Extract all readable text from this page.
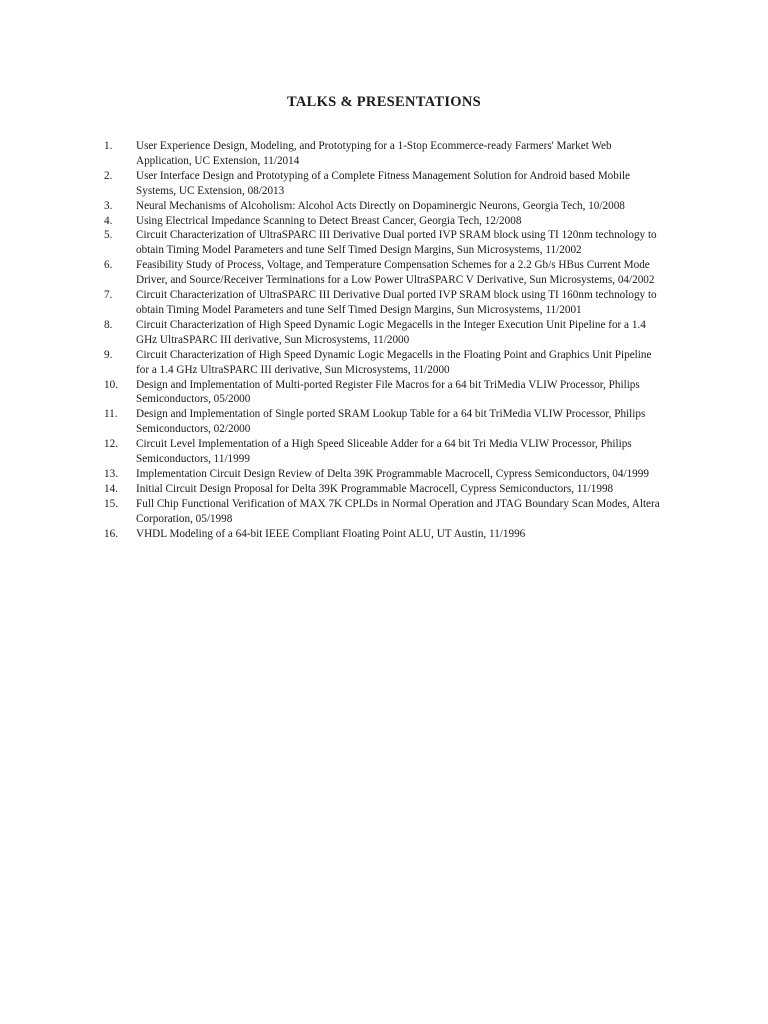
TALKS & PRESENTATIONS
1.	User Experience Design, Modeling, and Prototyping for a 1-Stop Ecommerce-ready Farmers' Market Web Application, UC Extension, 11/2014
2.	User Interface Design and Prototyping of a Complete Fitness Management Solution for Android based Mobile Systems, UC Extension, 08/2013
3.	Neural Mechanisms of Alcoholism: Alcohol Acts Directly on Dopaminergic Neurons, Georgia Tech, 10/2008
4.	Using Electrical Impedance Scanning to Detect Breast Cancer, Georgia Tech, 12/2008
5.	Circuit Characterization of UltraSPARC III Derivative Dual ported IVP SRAM block using TI 120nm technology to obtain Timing Model Parameters and tune Self Timed Design Margins, Sun Microsystems, 11/2002
6.	Feasibility Study of Process, Voltage, and Temperature Compensation Schemes for a 2.2 Gb/s HBus Current Mode Driver, and Source/Receiver Terminations for a Low Power UltraSPARC V Derivative, Sun Microsystems, 04/2002
7.	Circuit Characterization of UltraSPARC III Derivative Dual ported IVP SRAM block using TI 160nm technology to obtain Timing Model Parameters and tune Self Timed Design Margins, Sun Microsystems, 11/2001
8.	Circuit Characterization of High Speed Dynamic Logic Megacells in the Integer Execution Unit Pipeline for a 1.4 GHz UltraSPARC III derivative, Sun Microsystems, 11/2000
9.	Circuit Characterization of High Speed Dynamic Logic Megacells in the Floating Point and Graphics Unit Pipeline for a 1.4 GHz UltraSPARC III derivative, Sun Microsystems, 11/2000
10.	Design and Implementation of Multi-ported Register File Macros for a 64 bit TriMedia VLIW Processor, Philips Semiconductors, 05/2000
11.	Design and Implementation of Single ported SRAM Lookup Table for a 64 bit TriMedia VLIW Processor, Philips Semiconductors, 02/2000
12.	Circuit Level Implementation of a High Speed Sliceable Adder for a 64 bit Tri Media VLIW Processor, Philips Semiconductors, 11/1999
13.	Implementation Circuit Design Review of Delta 39K Programmable Macrocell, Cypress Semiconductors, 04/1999
14.	Initial Circuit Design Proposal for Delta 39K Programmable Macrocell, Cypress Semiconductors, 11/1998
15.	Full Chip Functional Verification of MAX 7K CPLDs in Normal Operation and JTAG Boundary Scan Modes, Altera Corporation, 05/1998
16.	VHDL Modeling of a 64-bit IEEE Compliant Floating Point ALU, UT Austin, 11/1996
